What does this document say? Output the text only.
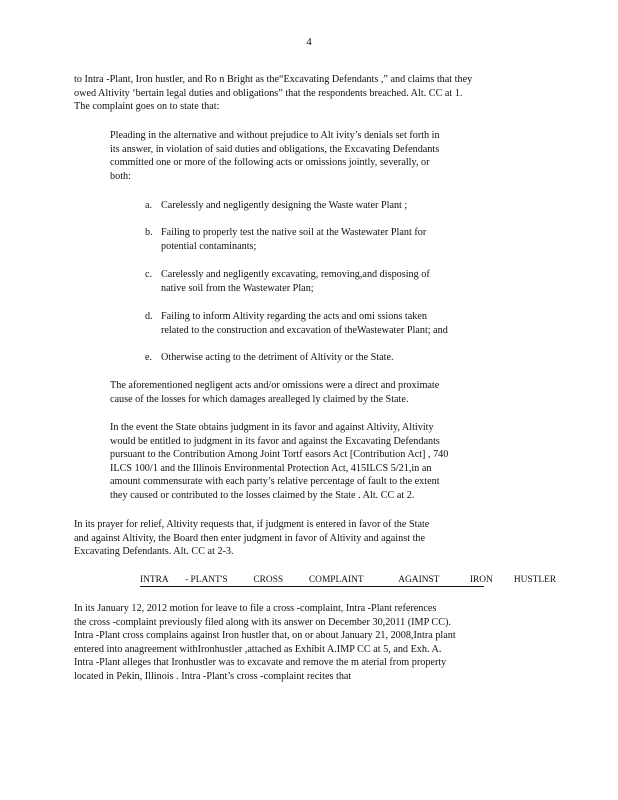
4
to Intra -Plant, Iron hustler, and Ro n Bright as the“Excavating Defendants ,” and claims that they
owed Altivity ‘bertain legal duties and obligations” that the respondents breached. Alt. CC at 1.
The complaint goes on to state that:
Pleading in the alternative and without prejudice to Alt ivity’s denials set forth in
its answer, in violation of said duties and obligations, the Excavating Defendants
committed one or more of the following acts or omissions jointly, severally, or
both:
a. Carelessly and negligently designing the Waste water Plant ;
b. Failing to properly test the native soil at the Wastewater Plant for
potential contaminants;
c. Carelessly and negligently excavating, removing,and disposing of
native soil from the Wastewater Plan;
d. Failing to inform Altivity regarding the acts and omi ssions taken
related to the construction and excavation of theWastewater Plant; and
e. Otherwise acting to the detriment of Altivity or the State.
The aforementioned negligent acts and/or omissions were a direct and proximate
cause of the losses for which damages arealleged ly claimed by the State.
In the event the State obtains judgment in its favor and against Altivity, Altivity
would be entitled to judgment in its favor and against the Excavating Defendants
pursuant to the Contribution Among Joint Tortf easors Act [Contribution Act] , 740
ILCS 100/1 and the Illinois Environmental Protection Act, 415ILCS 5/21,in an
amount commensurate with each party’s relative percentage of fault to the extent
they caused or contributed to the losses claimed by the State . Alt. CC at 2.
In its prayer for relief, Altivity requests that, if judgment is entered in favor of the State
and against Altivity, the Board then enter judgment in favor of Altivity and against the
Excavating Defendants. Alt. CC at 2-3.
INTRA - PLANT'S	CROSS	COMPLAINT	AGAINST	IRON HUSTLER
In its January 12, 2012 motion for leave to file a cross -complaint, Intra -Plant references
the cross -complaint previously filed along with its answer on December 30,2011 (IMP CC).
Intra -Plant cross complains against Iron hustler that, on or about January 21, 2008,Intra plant
entered into anagreement withIronhustler ,attached as Exhibit A.IMP CC at 5, and Exh. A.
Intra -Plant alleges that Ironhustler was to excavate and remove the m aterial from property
located in Pekin, Illinois . Intra -Plant’s cross -complaint recites that
